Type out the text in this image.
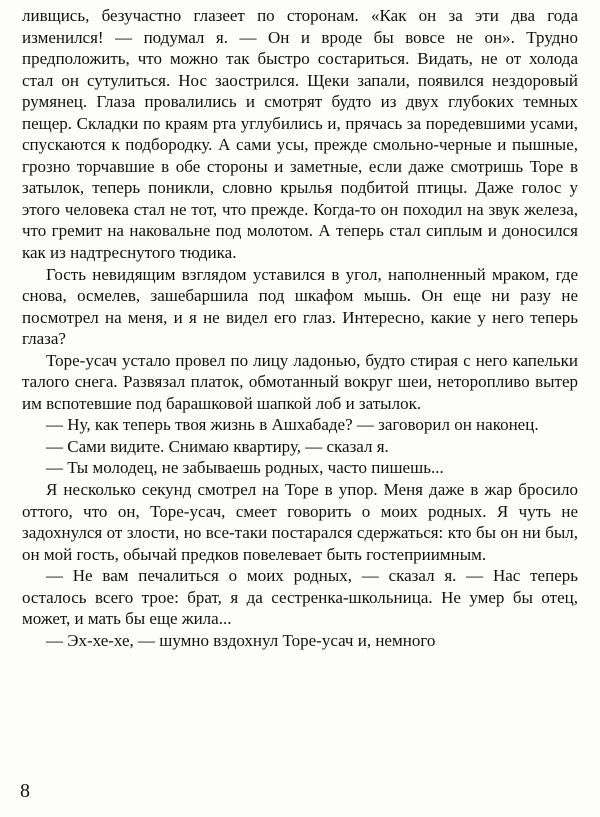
ливщись, безучастно глазеет по сторонам. «Как он за эти два года изменился! — подумал я. — Он и вроде бы вовсе не он». Трудно предположить, что можно так быстро состариться. Видать, не от холода стал он сутулиться. Нос заострился. Щеки запали, появился нездоровый румянец. Глаза провалились и смотрят будто из двух глубоких темных пещер. Складки по краям рта углубились и, прячась за поредевшими усами, спускаются к подбородку. А сами усы, прежде смольно-черные и пышные, грозно торчавшие в обе стороны и заметные, если даже смотришь Торе в затылок, теперь поникли, словно крылья подбитой птицы. Даже голос у этого человека стал не тот, что прежде. Когда-то он походил на звук железа, что гремит на наковальне под молотом. А теперь стал сиплым и доносился как из надтреснутого тюдика.

Гость невидящим взглядом уставился в угол, наполненный мраком, где снова, осмелев, зашебаршила под шкафом мышь. Он еще ни разу не посмотрел на меня, и я не видел его глаз. Интересно, какие у него теперь глаза?

Торе-усач устало провел по лицу ладонью, будто стирая с него капельки талого снега. Развязал платок, обмотанный вокруг шеи, неторопливо вытер им вспотевшие под барашковой шапкой лоб и затылок.

— Ну, как теперь твоя жизнь в Ашхабаде? — заговорил он наконец.

— Сами видите. Снимаю квартиру, — сказал я.

— Ты молодец, не забываешь родных, часто пишешь...

Я несколько секунд смотрел на Торе в упор. Меня даже в жар бросило оттого, что он, Торе-усач, смеет говорить о моих родных. Я чуть не задохнулся от злости, но все-таки постарался сдержаться: кто бы он ни был, он мой гость, обычай предков повелевает быть гостеприимным.

— Не вам печалиться о моих родных, — сказал я. — Нас теперь осталось всего трое: брат, я да сестренка-школьница. Не умер бы отец, может, и мать бы еще жила...

— Эх-хе-хе, — шумно вздохнул Торе-усач и, немного

8
